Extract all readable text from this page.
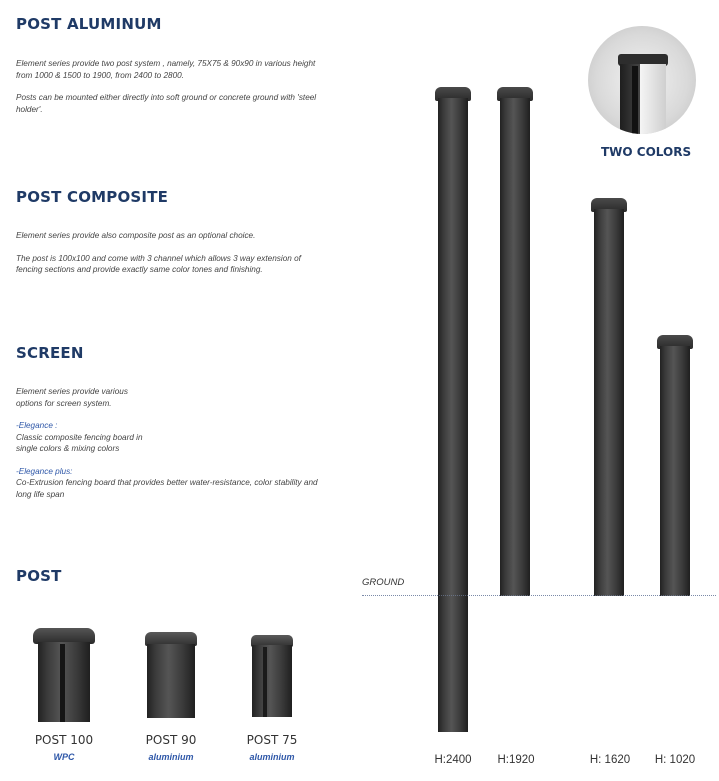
POST ALUMINUM

Element series provide two post system , namely, 75X75 & 90x90 in various height from 1000 & 1500 to 1900, from 2400 to 2800.

Posts can be mounted either directly into soft ground or concrete ground with 'steel holder'.

POST COMPOSITE

Element series provide also composite post as an optional choice.

The post is 100x100 and come with 3 channel which allows 3 way extension of fencing sections and provide exactly same color tones and finishing.

SCREEN

Element series provide various options for screen system.

-Elegance :

Classic composite fencing board in single colors & mixing colors

-Elegance plus:

Co-Extrusion fencing board that provides better water-resistance, color stability and long life span

POST
POST 100
WPC
POST 90
aluminium
POST 75
aluminium
TWO COLORS
GROUND
H:2400	H:1920	H: 1620	H: 1020
